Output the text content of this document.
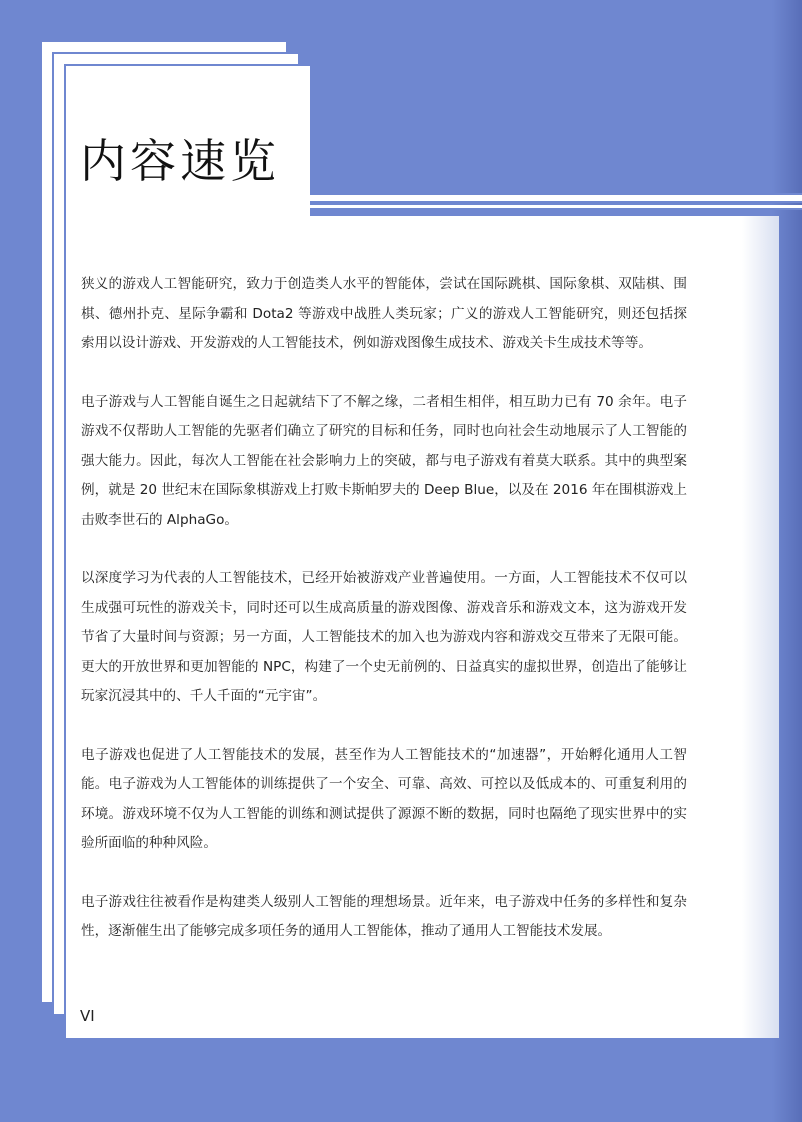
内容速览

狭义的游戏人工智能研究，致力于创造类人水平的智能体，尝试在国际跳棋、国际象棋、双陆棋、围棋、德州扑克、星际争霸和 Dota2 等游戏中战胜人类玩家；广义的游戏人工智能研究，则还包括探索用以设计游戏、开发游戏的人工智能技术，例如游戏图像生成技术、游戏关卡生成技术等等。

电子游戏与人工智能自诞生之日起就结下了不解之缘，二者相生相伴，相互助力已有 70 余年。电子游戏不仅帮助人工智能的先驱者们确立了研究的目标和任务，同时也向社会生动地展示了人工智能的强大能力。因此，每次人工智能在社会影响力上的突破，都与电子游戏有着莫大联系。其中的典型案例，就是 20 世纪末在国际象棋游戏上打败卡斯帕罗夫的 Deep Blue，以及在 2016 年在围棋游戏上击败李世石的 AlphaGo。

以深度学习为代表的人工智能技术，已经开始被游戏产业普遍使用。一方面，人工智能技术不仅可以生成强可玩性的游戏关卡，同时还可以生成高质量的游戏图像、游戏音乐和游戏文本，这为游戏开发节省了大量时间与资源；另一方面，人工智能技术的加入也为游戏内容和游戏交互带来了无限可能。更大的开放世界和更加智能的 NPC，构建了一个史无前例的、日益真实的虚拟世界，创造出了能够让玩家沉浸其中的、千人千面的“元宇宙”。

电子游戏也促进了人工智能技术的发展，甚至作为人工智能技术的“加速器”，开始孵化通用人工智能。电子游戏为人工智能体的训练提供了一个安全、可靠、高效、可控以及低成本的、可重复利用的环境。游戏环境不仅为人工智能的训练和测试提供了源源不断的数据，同时也隔绝了现实世界中的实验所面临的种种风险。

电子游戏往往被看作是构建类人级别人工智能的理想场景。近年来，电子游戏中任务的多样性和复杂性，逐渐催生出了能够完成多项任务的通用人工智能体，推动了通用人工智能技术发展。

VI
